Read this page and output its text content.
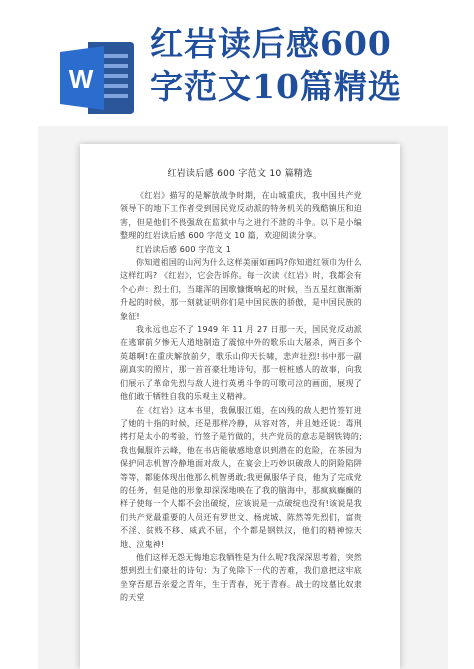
W
红岩读后感600
字范文10篇精选
红岩读后感 600 字范文 10 篇精选

《红岩》描写的是解放战争时期，在山城重庆，我中国共产党领导下的地下工作者受到国民党反动派的特务机关的残酷镇压和迫害，但是他们不畏强敌在监狱中与之进行不泄的斗争。以下是小编整理的红岩读后感 600 字范文 10 篇，欢迎阅读分享。

红岩读后感 600 字范文 1

你知道祖国的山河为什么这样美丽如画吗?你知道红领巾为什么这样红吗? 《红岩》，它会告诉你。每一次读《红岩》时，我都会有个心声：烈士们，当雄浑的国歌慷慨响起的时候，当五星红旗渐渐升起的时候，那一刻就证明你们是中国民族的骄傲，是中国民族的象征!

我永远也忘不了 1949 年 11 月 27 日那一天，国民党反动派在逃窜前夕惨无人道地制造了震惊中外的歌乐山大屠杀，两百多个英雄啊!在重庆解放前夕，歌乐山仰天长啸，悲声壮烈!书中那一副副真实的照片，那一首首豪壮地诗句，那一桩桩感人的故事，向我们展示了革命先烈与敌人进行英勇斗争的可歌可泣的画面，展现了他们敢于牺牲自我的乐观主义精神。

在《红岩》这本书里，我佩服江姐，在凶残的敌人把竹签钉进了她的十指的时候，还是那样冷静，从容对答，并且她还说：毒刑拷打是太小的考验，竹签子是竹做的，共产党员的意志是钢铁铸的;我也佩服许云峰，他在书店能敏感地意识到潜在的危险，在茶园为保护同志机智冷静地面对敌人，在宴会上巧妙识破敌人的阴险陷阱等等，都能体现出他那么机智勇敢;我更佩服华子良，他为了完成党的任务，但是他的形象却深深地映在了我的脑海中，那疯疯癫癫的样子使每一个人都不会出破绽，应该说是一点破绽也没有!该说是我们共产党最重要的人员还有罗世文、杨虎城、陈然等先烈们，富贵不淫、贫贱不移、威武不屈，个个都是钢铁汉，他们的精神惊天地、泣鬼神!

他们这样无怨无悔地忘我牺牲是为什么呢?我深深思考着，突然想到烈士们豪壮的诗句：为了免除下一代的苦难，我们意把这牢底坐穿吾愿吾亲爱之青年，生于青春，死于青春。战士的坟墓比奴隶的天堂
